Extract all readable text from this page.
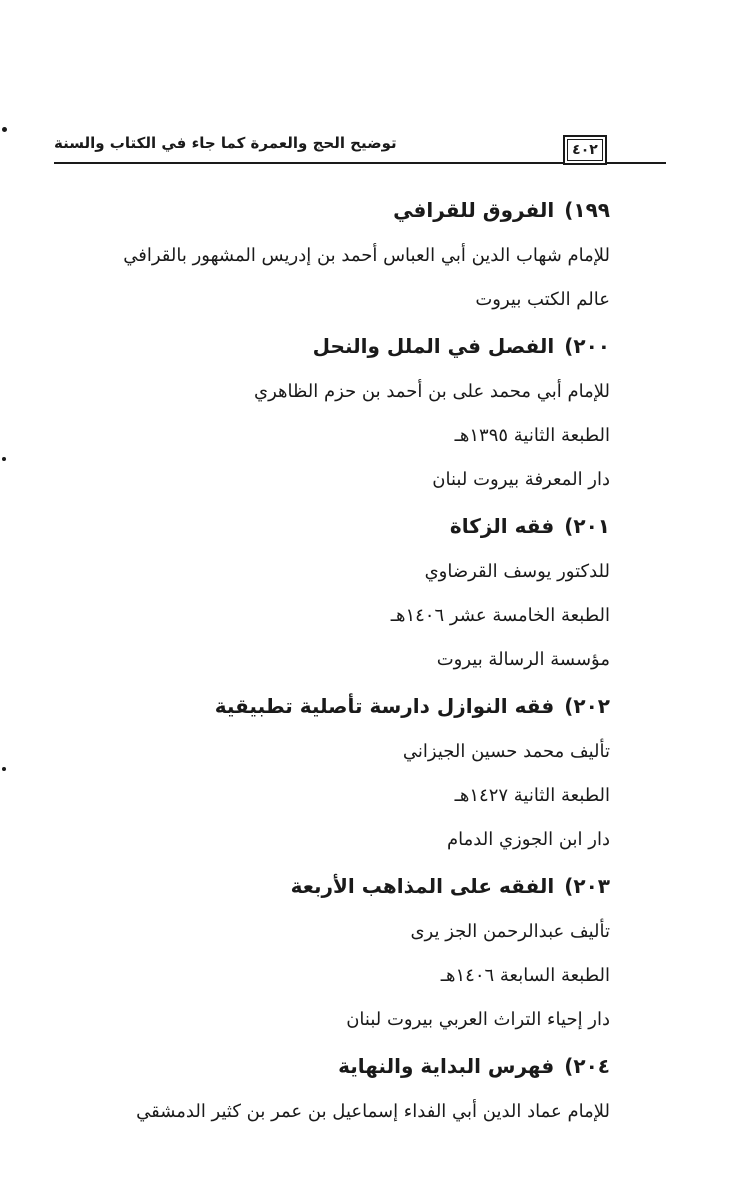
توضيح الحج والعمرة كما جاء في الكتاب والسنة	٤٠٢
١٩٩)الفروق للقرافي
للإمام شهاب الدين أبي العباس أحمد بن إدريس المشهور بالقرافي
عالم الكتب بيروت
٢٠٠)الفصل في الملل والنحل
للإمام أبي محمد على بن أحمد بن حزم الظاهري
الطبعة الثانية ١٣٩٥هـ
دار المعرفة بيروت لبنان
٢٠١)فقه الزكاة
للدكتور يوسف القرضاوي
الطبعة الخامسة عشر ١٤٠٦هـ
مؤسسة الرسالة بيروت
٢٠٢)فقه النوازل دارسة تأصلية تطبيقية
تأليف محمد حسين الجيزاني
الطبعة الثانية ١٤٢٧هـ
دار ابن الجوزي الدمام
٢٠٣)الفقه على المذاهب الأربعة
تأليف عبدالرحمن الجز يرى
الطبعة السابعة ١٤٠٦هـ
دار إحياء التراث العربي بيروت لبنان
٢٠٤)فهرس البداية والنهاية
للإمام عماد الدين أبي الفداء إسماعيل بن عمر بن كثير الدمشقي
